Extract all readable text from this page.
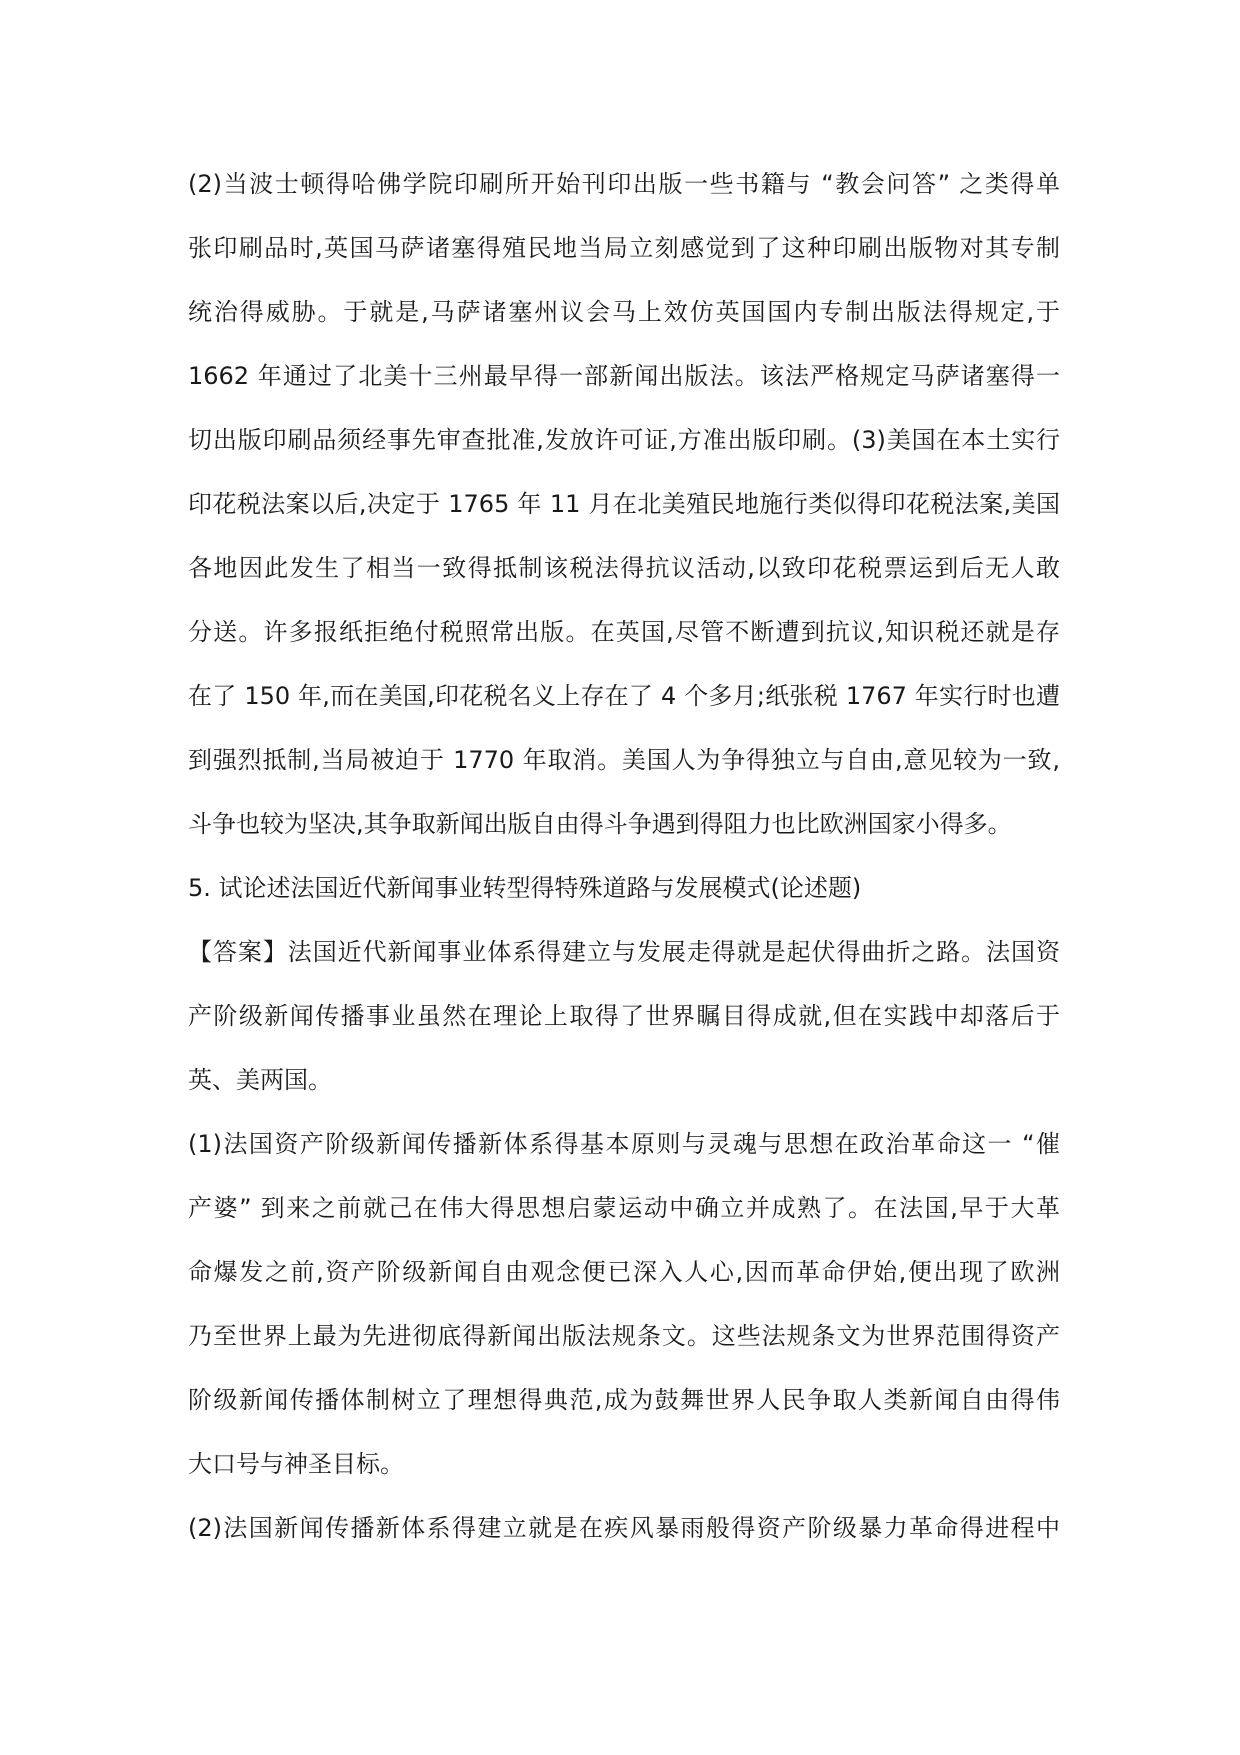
(2)当波士顿得哈佛学院印刷所开始刊印出版一些书籍与 “教会问答” 之类得单
张印刷品时,英国马萨诸塞得殖民地当局立刻感觉到了这种印刷出版物对其专制
统治得威胁。于就是,马萨诸塞州议会马上效仿英国国内专制出版法得规定,于
1662 年通过了北美十三州最早得一部新闻出版法。该法严格规定马萨诸塞得一
切出版印刷品须经事先审查批准,发放许可证,方准出版印刷。(3)美国在本土实行
印花税法案以后,决定于 1765 年 11 月在北美殖民地施行类似得印花税法案,美国
各地因此发生了相当一致得抵制该税法得抗议活动,以致印花税票运到后无人敢
分送。许多报纸拒绝付税照常出版。在英国,尽管不断遭到抗议,知识税还就是存
在了 150 年,而在美国,印花税名义上存在了 4 个多月;纸张税 1767 年实行时也遭
到强烈抵制,当局被迫于 1770 年取消。美国人为争得独立与自由,意见较为一致,
斗争也较为坚决,其争取新闻出版自由得斗争遇到得阻力也比欧洲国家小得多。
5. 试论述法国近代新闻事业转型得特殊道路与发展模式(论述题)
【答案】法国近代新闻事业体系得建立与发展走得就是起伏得曲折之路。法国资
产阶级新闻传播事业虽然在理论上取得了世界瞩目得成就,但在实践中却落后于
英、美两国。
(1)法国资产阶级新闻传播新体系得基本原则与灵魂与思想在政治革命这一 “催
产婆” 到来之前就己在伟大得思想启蒙运动中确立并成熟了。在法国,早于大革
命爆发之前,资产阶级新闻自由观念便已深入人心,因而革命伊始,便出现了欧洲
乃至世界上最为先进彻底得新闻出版法规条文。这些法规条文为世界范围得资产
阶级新闻传播体制树立了理想得典范,成为鼓舞世界人民争取人类新闻自由得伟
大口号与神圣目标。
(2)法国新闻传播新体系得建立就是在疾风暴雨般得资产阶级暴力革命得进程中
